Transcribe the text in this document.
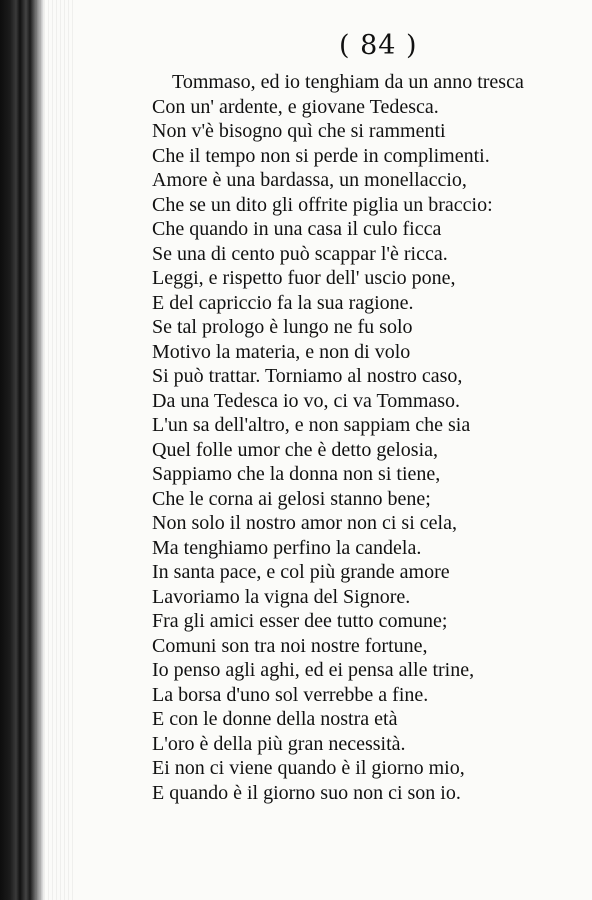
( 84 )
Tommaso, ed io tenghiam da un anno tresca
Con un' ardente, e giovane Tedesca.
Non v'è bisogno quì che si rammenti
Che il tempo non si perde in complimenti.
Amore è una bardassa, un monellaccio,
Che se un dito gli offrite piglia un braccio:
Che quando in una casa il culo ficca
Se una di cento può scappar l'è ricca.
Leggi, e rispetto fuor dell' uscio pone,
E del capriccio fa la sua ragione.
Se tal prologo è lungo ne fu solo
Motivo la materia, e non di volo
Si può trattar. Torniamo al nostro caso,
Da una Tedesca io vo, ci va Tommaso.
L'un sa dell'altro, e non sappiam che sia
Quel folle umor che è detto gelosia,
Sappiamo che la donna non si tiene,
Che le corna ai gelosi stanno bene;
Non solo il nostro amor non ci si cela,
Ma tenghiamo perfino la candela.
In santa pace, e col più grande amore
Lavoriamo la vigna del Signore.
Fra gli amici esser dee tutto comune;
Comuni son tra noi nostre fortune,
Io penso agli aghi, ed ei pensa alle trine,
La borsa d'uno sol verrebbe a fine.
E con le donne della nostra età
L'oro è della più gran necessità.
Ei non ci viene quando è il giorno mio,
E quando è il giorno suo non ci son io.
